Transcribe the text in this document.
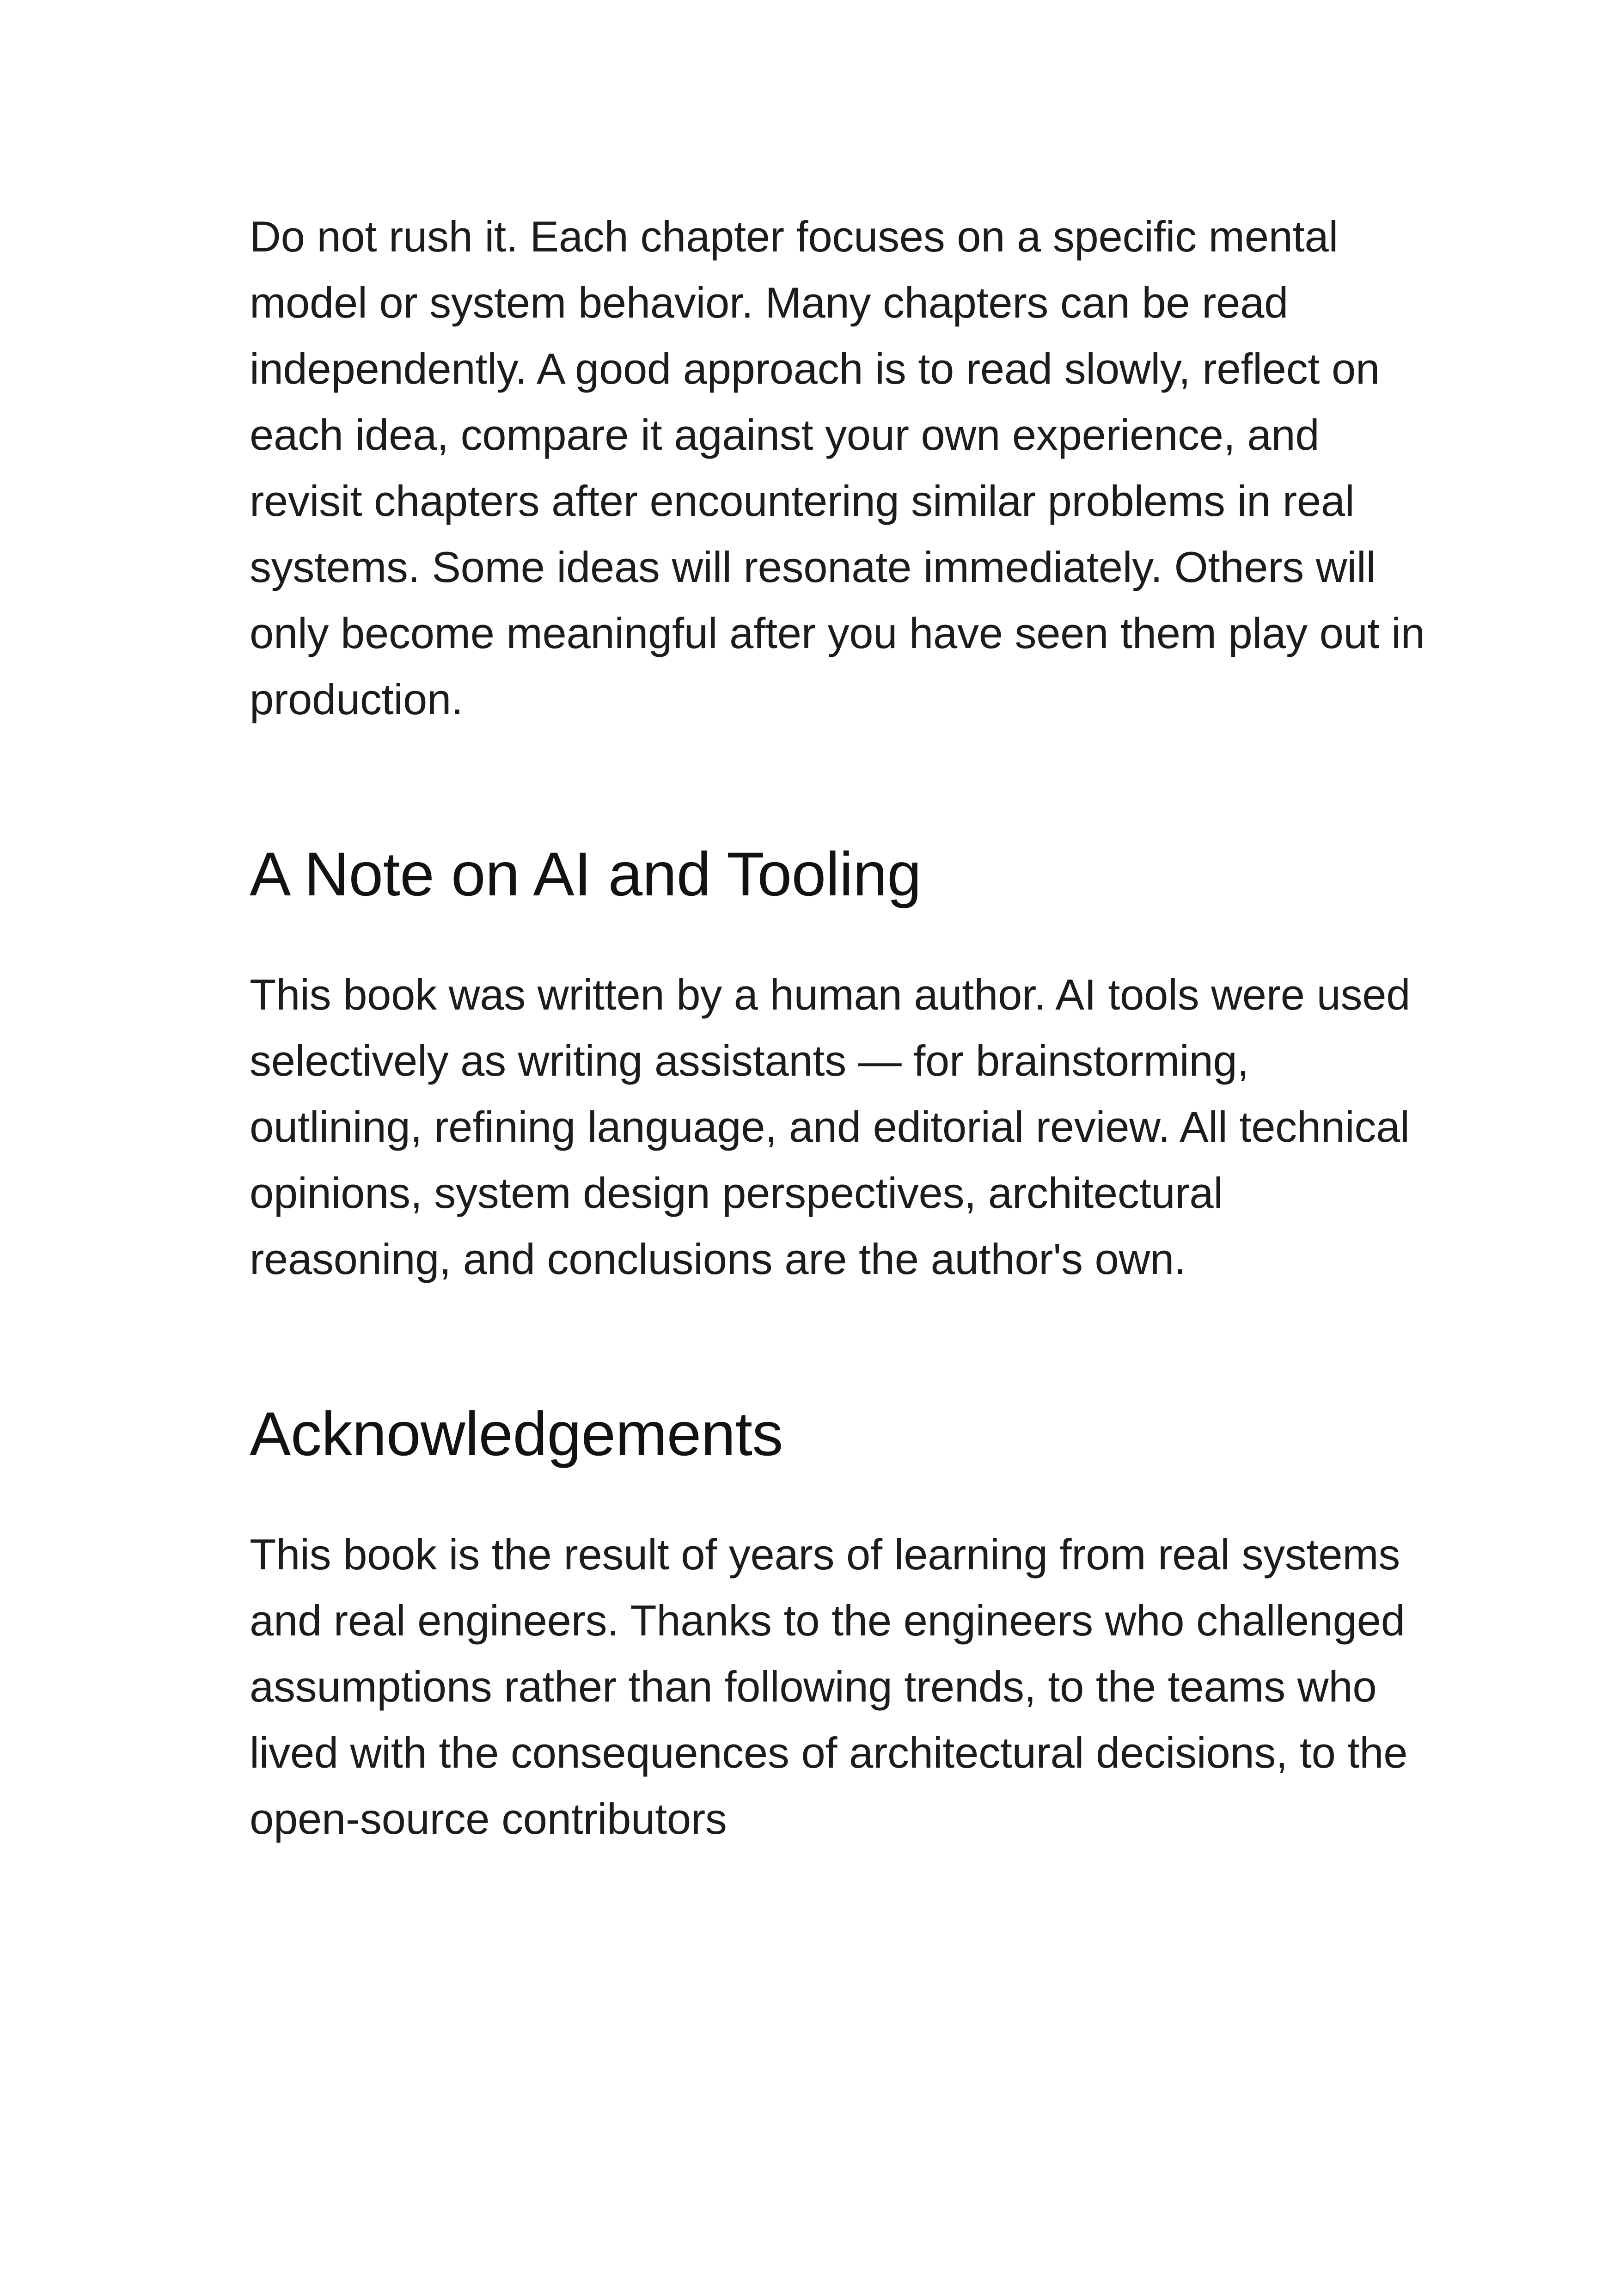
Do not rush it. Each chapter focuses on a specific mental model or system behavior. Many chapters can be read independently. A good approach is to read slowly, reflect on each idea, compare it against your own experience, and revisit chapters after encountering similar problems in real systems. Some ideas will resonate immediately. Others will only become meaningful after you have seen them play out in production.

A Note on AI and Tooling

This book was written by a human author. AI tools were used selectively as writing assistants — for brainstorming, outlining, refining language, and editorial review. All technical opinions, system design perspectives, architectural reasoning, and conclusions are the author's own.

Acknowledgements

This book is the result of years of learning from real systems and real engineers. Thanks to the engineers who challenged assumptions rather than following trends, to the teams who lived with the consequences of architectural decisions, to the open-source contributors
